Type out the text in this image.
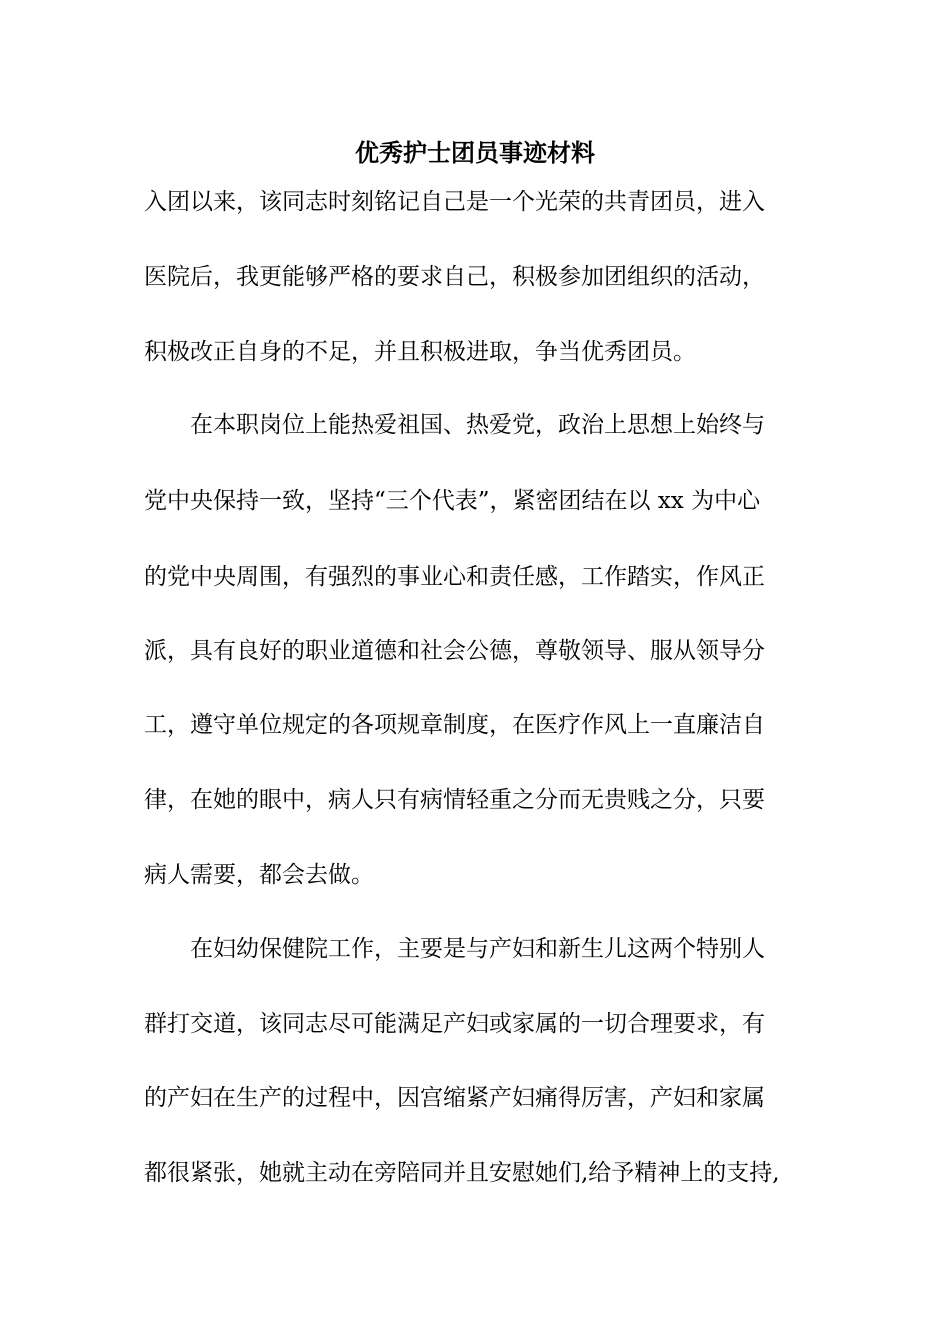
优秀护士团员事迹材料

入团以来，该同志时刻铭记自己是一个光荣的共青团员，进入

医院后，我更能够严格的要求自己，积极参加团组织的活动，

积极改正自身的不足，并且积极进取，争当优秀团员。

　　在本职岗位上能热爱祖国、热爱党，政治上思想上始终与

党中央保持一致，坚持“三个代表”，紧密团结在以 xx 为中心

的党中央周围，有强烈的事业心和责任感，工作踏实，作风正

派，具有良好的职业道德和社会公德，尊敬领导、服从领导分

工，遵守单位规定的各项规章制度，在医疗作风上一直廉洁自

律，在她的眼中，病人只有病情轻重之分而无贵贱之分，只要

病人需要，都会去做。

　　在妇幼保健院工作，主要是与产妇和新生儿这两个特别人

群打交道，该同志尽可能满足产妇或家属的一切合理要求，有

的产妇在生产的过程中，因宫缩紧产妇痛得厉害，产妇和家属

都很紧张，她就主动在旁陪同并且安慰她们,给予精神上的支持,
